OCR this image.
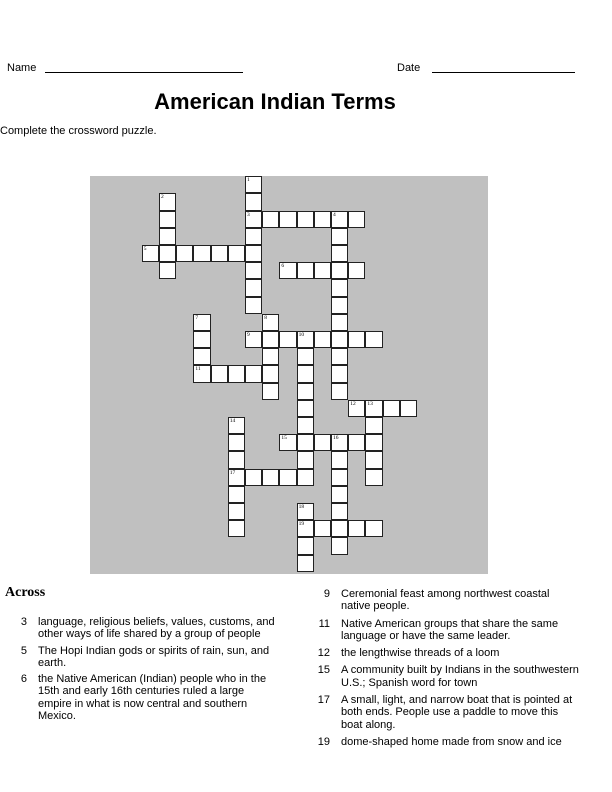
Name	Date
American Indian Terms
Complete the crossword puzzle.
1
3
2
4
5
6
7
11
8
9	10
12 13
14
17
15	16
18
19
Across
3	language, religious beliefs, values, customs, and other ways of life shared by a group of people
5	The Hopi Indian gods or spirits of rain, sun, and earth.
6	the Native American (Indian) people who in the 15th and early 16th centuries ruled a large empire in what is now central and southern Mexico.
9	Ceremonial feast among northwest coastal native people.
11	Native American groups that share the same language or have the same leader.
12	the lengthwise threads of a loom
15	A community built by Indians in the southwestern U.S.; Spanish word for town
17	A small, light, and narrow boat that is pointed at both ends. People use a paddle to move this boat along.
19	dome-shaped home made from snow and ice
